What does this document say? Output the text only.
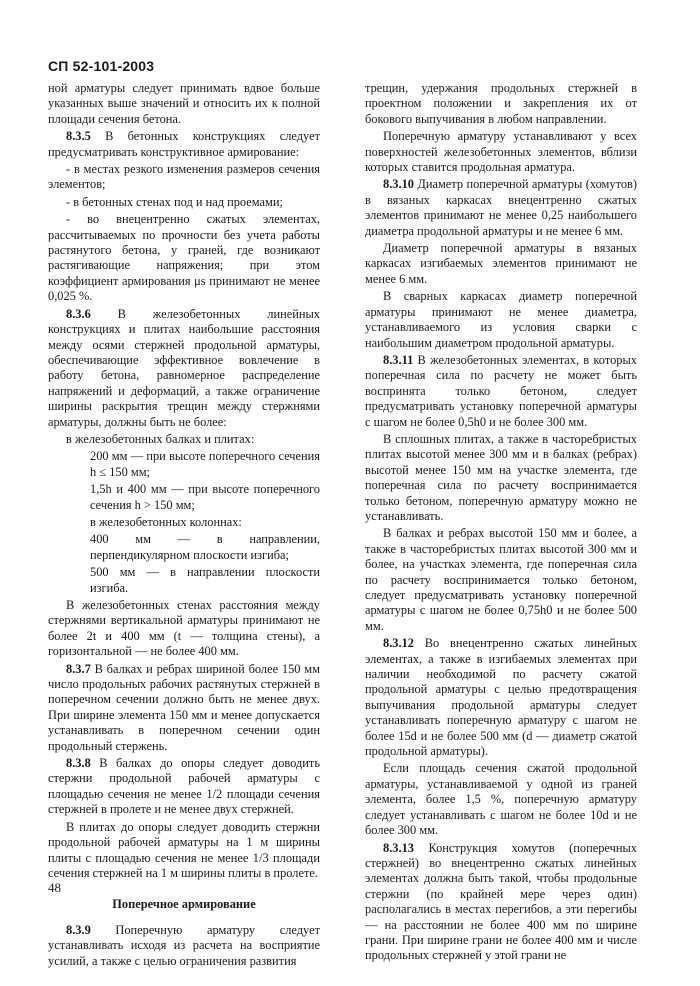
СП 52-101-2003

ной арматуры следует принимать вдвое больше указанных выше значений и относить их к полной площади сечения бетона.

8.3.5 В бетонных конструкциях следует предусматривать конструктивное армирование:

- в местах резкого изменения размеров сечения элементов;

- в бетонных стенах под и над проемами;

- во внецентренно сжатых элементах, рассчитываемых по прочности без учета работы растянутого бетона, у граней, где возникают растягивающие напряжения; при этом коэффициент армирования μs принимают не менее 0,025 %.

8.3.6 В железобетонных линейных конструкциях и плитах наибольшие расстояния между осями стержней продольной арматуры, обеспечивающие эффективное вовлечение в работу бетона, равномерное распределение напряжений и деформаций, а также ограничение ширины раскрытия трещин между стержнями арматуры, должны быть не более:

в железобетонных балках и плитах:

200 мм — при высоте поперечного сечения h ≤ 150 мм;

1,5h и 400 мм — при высоте поперечного сечения h > 150 мм;

в железобетонных колоннах:

400 мм — в направлении, перпендикулярном плоскости изгиба;

500 мм — в направлении плоскости изгиба.

В железобетонных стенах расстояния между стержнями вертикальной арматуры принимают не более 2t и 400 мм (t — толщина стены), а горизонтальной — не более 400 мм.

8.3.7 В балках и ребрах шириной более 150 мм число продольных рабочих растянутых стержней в поперечном сечении должно быть не менее двух. При ширине элемента 150 мм и менее допускается устанавливать в поперечном сечении один продольный стержень.

8.3.8 В балках до опоры следует доводить стержни продольной рабочей арматуры с площадью сечения не менее 1/2 площади сечения стержней в пролете и не менее двух стержней.

В плитах до опоры следует доводить стержни продольной рабочей арматуры на 1 м ширины плиты с площадью сечения не менее 1/3 площади сечения стержней на 1 м ширины плиты в пролете.

Поперечное армирование

8.3.9 Поперечную арматуру следует устанавливать исходя из расчета на восприятие усилий, а также с целью ограничения развития

трещин, удержания продольных стержней в проектном положении и закрепления их от бокового выпучивания в любом направлении.

Поперечную арматуру устанавливают у всех поверхностей железобетонных элементов, вблизи которых ставится продольная арматура.

8.3.10 Диаметр поперечной арматуры (хомутов) в вязаных каркасах внецентренно сжатых элементов принимают не менее 0,25 наибольшего диаметра продольной арматуры и не менее 6 мм.

Диаметр поперечной арматуры в вязаных каркасах изгибаемых элементов принимают не менее 6 мм.

В сварных каркасах диаметр поперечной арматуры принимают не менее диаметра, устанавливаемого из условия сварки с наибольшим диаметром продольной арматуры.

8.3.11 В железобетонных элементах, в которых поперечная сила по расчету не может быть воспринята только бетоном, следует предусматривать установку поперечной арматуры с шагом не более 0,5h0 и не более 300 мм.

В сплошных плитах, а также в часторебристых плитах высотой менее 300 мм и в балках (ребрах) высотой менее 150 мм на участке элемента, где поперечная сила по расчету воспринимается только бетоном, поперечную арматуру можно не устанавливать.

В балках и ребрах высотой 150 мм и более, а также в часторебристых плитах высотой 300 мм и более, на участках элемента, где поперечная сила по расчету воспринимается только бетоном, следует предусматривать установку поперечной арматуры с шагом не более 0,75h0 и не более 500 мм.

8.3.12 Во внецентренно сжатых линейных элементах, а также в изгибаемых элементах при наличии необходимой по расчету сжатой продольной арматуры с целью предотвращения выпучивания продольной арматуры следует устанавливать поперечную арматуру с шагом не более 15d и не более 500 мм (d — диаметр сжатой продольной арматуры).

Если площадь сечения сжатой продольной арматуры, устанавливаемой у одной из граней элемента, более 1,5 %, поперечную арматуру следует устанавливать с шагом не более 10d и не более 300 мм.

8.3.13 Конструкция хомутов (поперечных стержней) во внецентренно сжатых линейных элементах должна быть такой, чтобы продольные стержни (по крайней мере через один) располагались в местах перегибов, а эти перегибы — на расстоянии не более 400 мм по ширине грани. При ширине грани не более 400 мм и числе продольных стержней у этой грани не

48
